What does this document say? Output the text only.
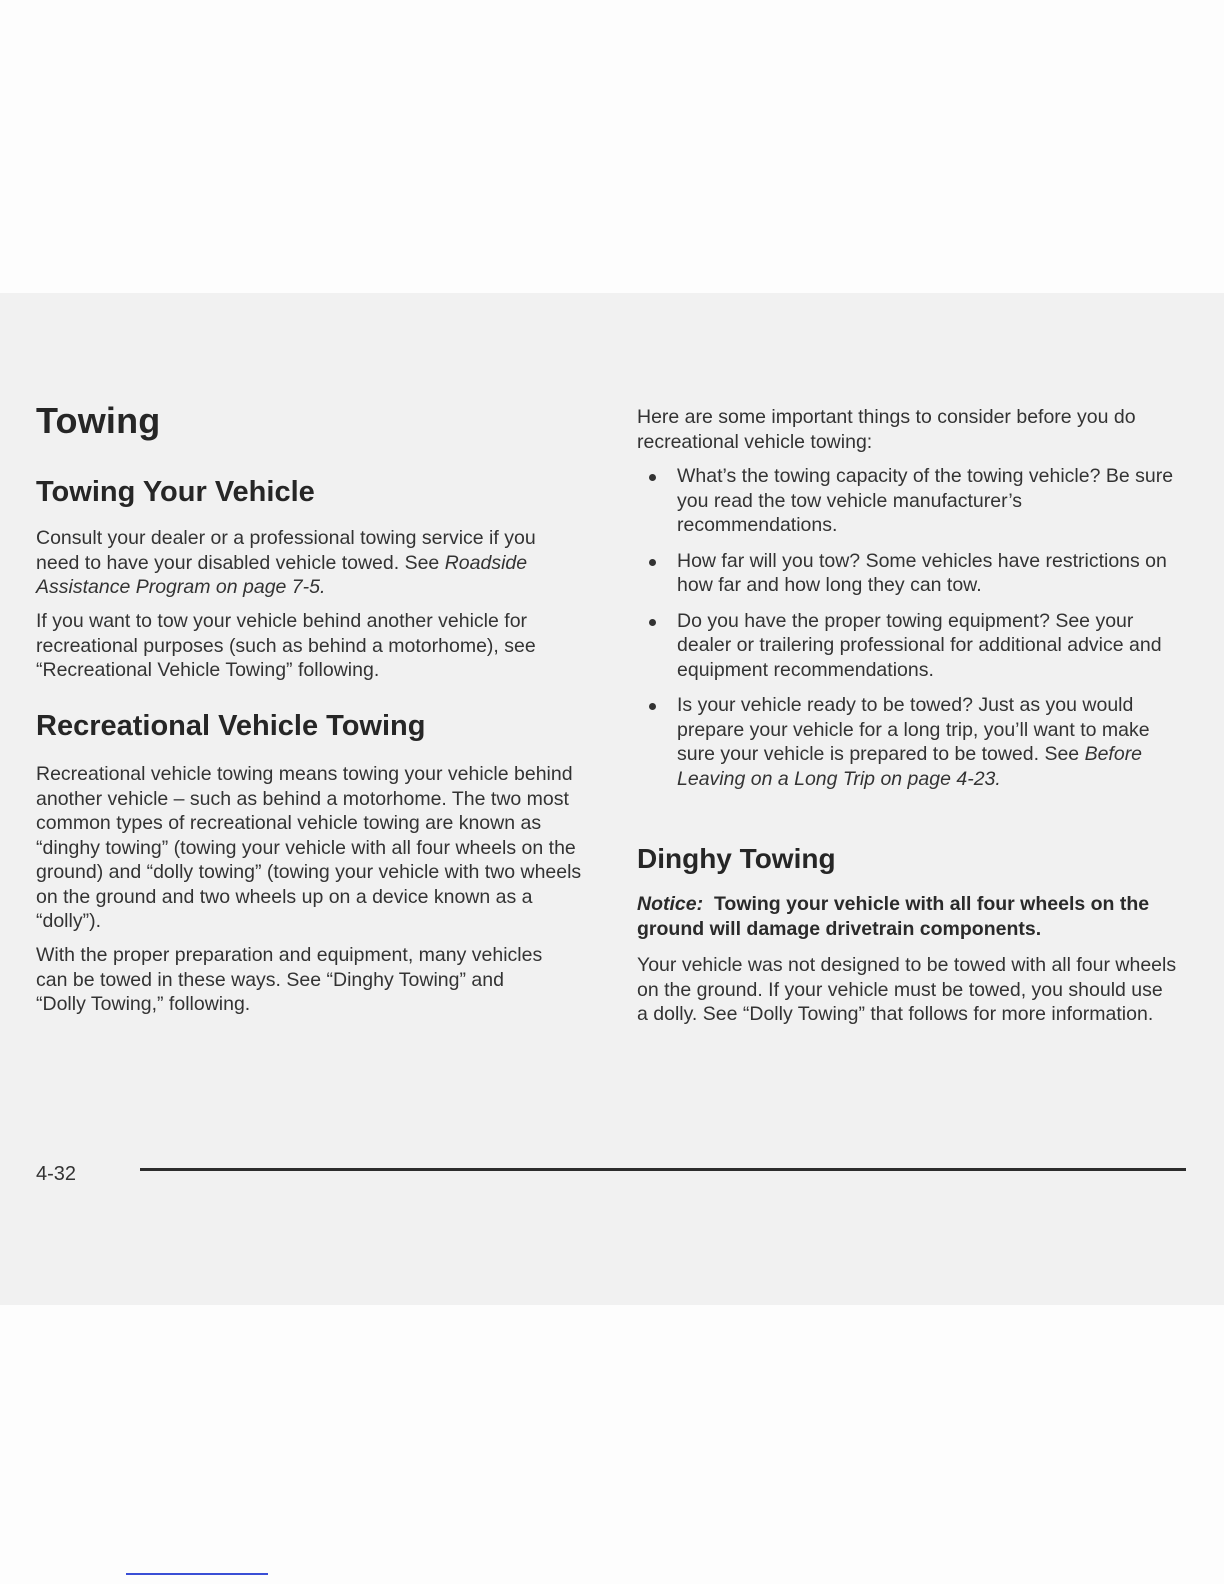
Towing
Towing Your Vehicle

Consult your dealer or a professional towing service if you need to have your disabled vehicle towed. See Roadside Assistance Program on page 7-5.

If you want to tow your vehicle behind another vehicle for recreational purposes (such as behind a motorhome), see “Recreational Vehicle Towing” following.

Recreational Vehicle Towing

Recreational vehicle towing means towing your vehicle behind another vehicle – such as behind a motorhome. The two most common types of recreational vehicle towing are known as “dinghy towing” (towing your vehicle with all four wheels on the ground) and “dolly towing” (towing your vehicle with two wheels on the ground and two wheels up on a device known as a “dolly”).

With the proper preparation and equipment, many vehicles can be towed in these ways. See “Dinghy Towing” and “Dolly Towing,” following.

Here are some important things to consider before you do recreational vehicle towing:

What’s the towing capacity of the towing vehicle? Be sure you read the tow vehicle manufacturer’s recommendations.
How far will you tow? Some vehicles have restrictions on how far and how long they can tow.
Do you have the proper towing equipment? See your dealer or trailering professional for additional advice and equipment recommendations.
Is your vehicle ready to be towed? Just as you would prepare your vehicle for a long trip, you’ll want to make sure your vehicle is prepared to be towed. See Before Leaving on a Long Trip on page 4-23.
Dinghy Towing

Notice: Towing your vehicle with all four wheels on the ground will damage drivetrain components.

Your vehicle was not designed to be towed with all four wheels on the ground. If your vehicle must be towed, you should use a dolly. See “Dolly Towing” that follows for more information.

4-32
